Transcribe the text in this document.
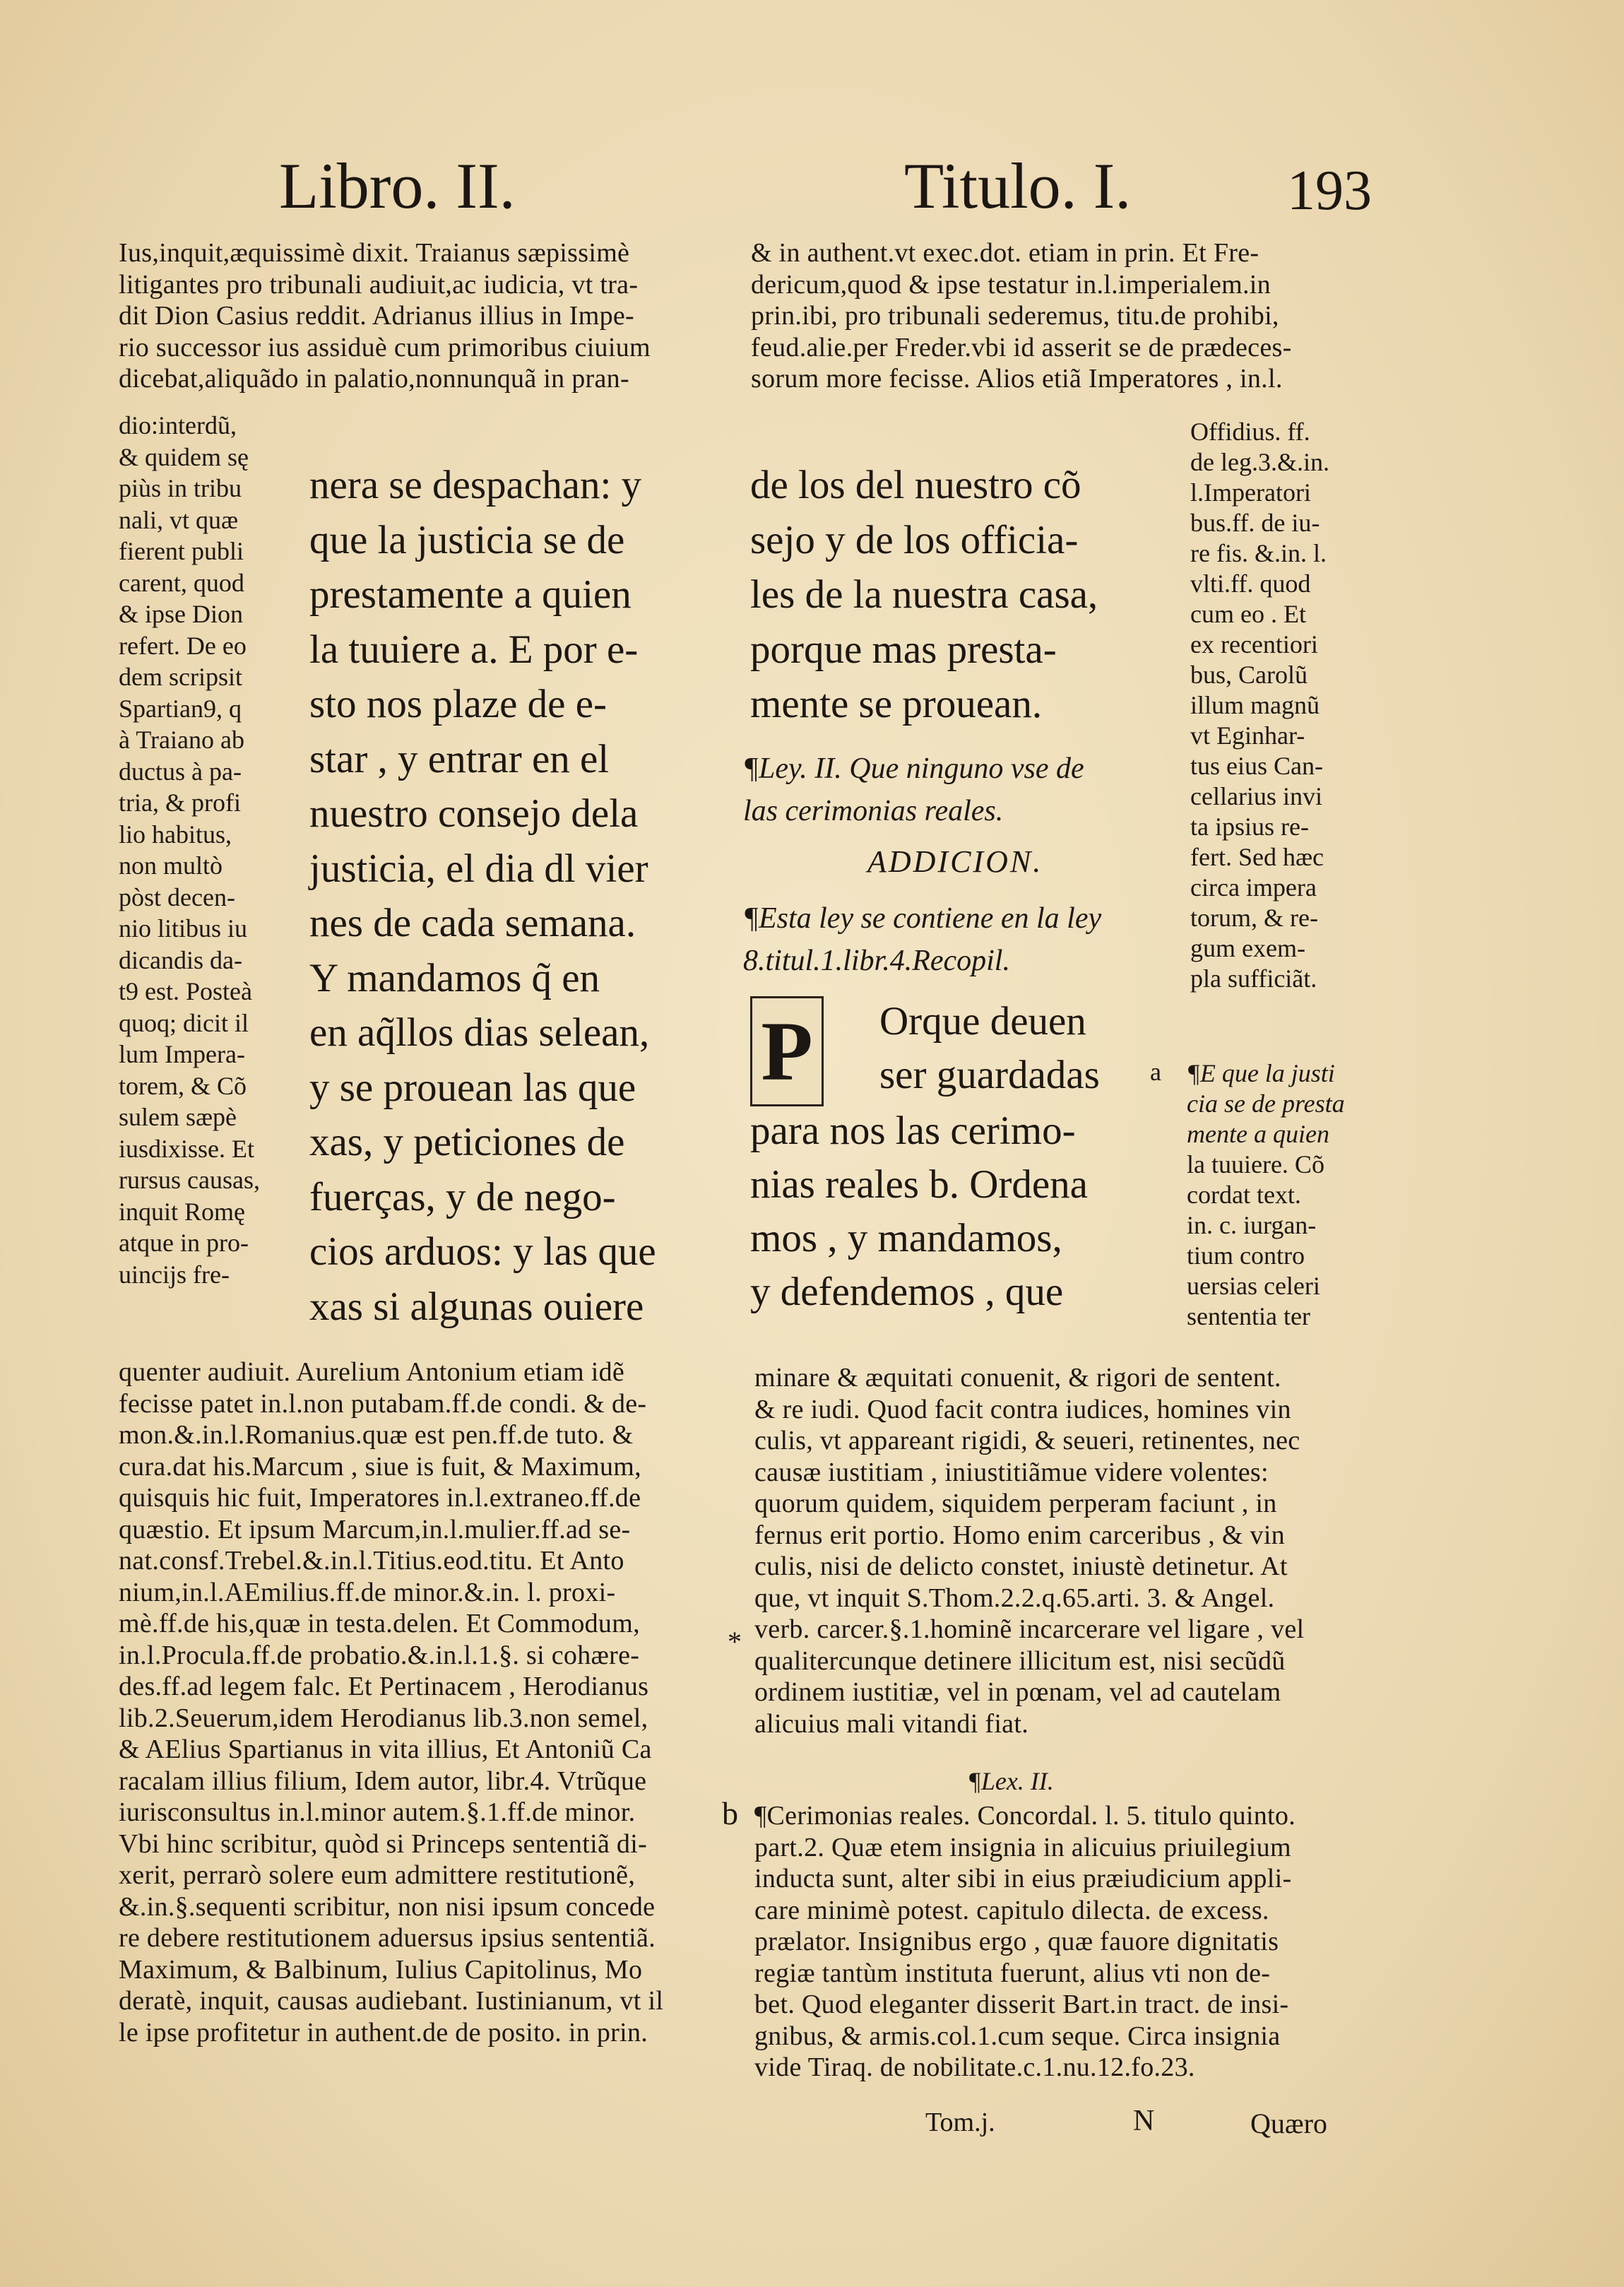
Libro. II.	Titulo. I.	193
Ius,inquit,æquissimè dixit. Traianus sæpissimè
litigantes pro tribunali audiuit,ac iudicia, vt tra-
dit Dion Casius reddit. Adrianus illius in Impe-
rio successor ius assiduè cum primoribus ciuium
dicebat,aliquãdo in palatio,nonnunquã in pran-
dio:interdũ,
& quidem sę
piùs in tribu
nali, vt quæ
fierent publi
carent, quod
& ipse Dion
refert. De eo
dem scripsit
Spartian9, q
à Traiano ab
ductus à pa-
tria, & profi
lio habitus,
non multò
pòst decen-
nio litibus iu
dicandis da-
t9 est. Posteà
quoq; dicit il
lum Impera-
torem, & Cõ
sulem sæpè
iusdixisse. Et
rursus causas,
inquit Romę
atque in pro-
uincijs fre-
nera se despachan: y
que la justicia se de
prestamente a quien
la tuuiere a. E por e-
sto nos plaze de e-
star , y entrar en el
nuestro consejo dela
justicia, el dia dl vier
nes de cada semana.
Y mandamos q̃ en
en aq̃llos dias selean,
y se prouean las que
xas, y peticiones de
fuerças, y de nego-
cios arduos: y las que
xas si algunas ouiere
quenter audiuit. Aurelium Antonium etiam idẽ
fecisse patet in.l.non putabam.ff.de condi. & de-
mon.&.in.l.Romanius.quæ est pen.ff.de tuto. &
cura.dat his.Marcum , siue is fuit, & Maximum,
quisquis hic fuit, Imperatores in.l.extraneo.ff.de
quæstio. Et ipsum Marcum,in.l.mulier.ff.ad se-
nat.consf.Trebel.&.in.l.Titius.eod.titu. Et Anto
nium,in.l.AEmilius.ff.de minor.&.in. l. proxi-
mè.ff.de his,quæ in testa.delen. Et Commodum,
in.l.Procula.ff.de probatio.&.in.l.1.§. si cohære-
des.ff.ad legem falc. Et Pertinacem , Herodianus
lib.2.Seuerum,idem Herodianus lib.3.non semel,
& AElius Spartianus in vita illius, Et Antoniũ Ca
racalam illius filium, Idem autor, libr.4. Vtrũque
iurisconsultus in.l.minor autem.§.1.ff.de minor.
Vbi hinc scribitur, quòd si Princeps sententiã di-
xerit, perrarò solere eum admittere restitutionẽ,
&.in.§.sequenti scribitur, non nisi ipsum concede
re debere restitutionem aduersus ipsius sententiã.
Maximum, & Balbinum, Iulius Capitolinus, Mo
deratè, inquit, causas audiebant. Iustinianum, vt il
le ipse profitetur in authent.de de posito. in prin.
& in authent.vt exec.dot. etiam in prin. Et Fre-
dericum,quod & ipse testatur in.l.imperialem.in
prin.ibi, pro tribunali sederemus, titu.de prohibi,
feud.alie.per Freder.vbi id asserit se de prædeces-
sorum more fecisse. Alios etiã Imperatores , in.l.
de los del nuestro cõ
sejo y de los officia-
les de la nuestra casa,
porque mas presta-
mente se prouean.
¶Ley. II. Que ninguno vse de
las cerimonias reales.
ADDICION.
¶Esta ley se contiene en la ley
8.titul.1.libr.4.Recopil.
P Orque deuen
ser guardadas a
para nos las cerimo-
nias reales b. Ordena
mos , y mandamos,
y defendemos , que
Offidius. ff.
de leg.3.&.in.
l.Imperatori
bus.ff. de iu-
re fis. &.in. l.
vlti.ff. quod
cum eo . Et
ex recentiori
bus, Carolũ
illum magnũ
vt Eginhar-
tus eius Can-
cellarius invi
ta ipsius re-
fert. Sed hæc
circa impera
torum, & re-
gum exem-
pla sufficiãt.
¶E que la justi
cia se de presta
mente a quien
la tuuiere. Cõ
cordat text.
in. c. iurgan-
tium contro
uersias celeri
sententia ter
minare & æquitati conuenit, & rigori de sentent.
& re iudi. Quod facit contra iudices, homines vin
culis, vt appareant rigidi, & seueri, retinentes, nec
causæ iustitiam , iniustitiãmue videre volentes:
quorum quidem, siquidem perperam faciunt , in
fernus erit portio. Homo enim carceribus , & vin
culis, nisi de delicto constet, iniustè detinetur. At
que, vt inquit S.Thom.2.2.q.65.arti. 3. & Angel.
verb. carcer.§.1.hominẽ incarcerare vel ligare , vel
qualitercunque detinere illicitum est, nisi secũdũ
ordinem iustitiæ, vel in pœnam, vel ad cautelam
alicuius mali vitandi fiat.
*
¶Lex. II.
b ¶Cerimonias reales. Concordal. l. 5. titulo quinto.
part.2. Quæ etem insignia in alicuius priuilegium
inducta sunt, alter sibi in eius præiudicium appli-
care minimè potest. capitulo dilecta. de excess.
prælator. Insignibus ergo , quæ fauore dignitatis
regiæ tantùm instituta fuerunt, alius vti non de-
bet. Quod eleganter disserit Bart.in tract. de insi-
gnibus, & armis.col.1.cum seque. Circa insignia
vide Tiraq. de nobilitate.c.1.nu.12.fo.23.
Tom.j.	N	Quæro
